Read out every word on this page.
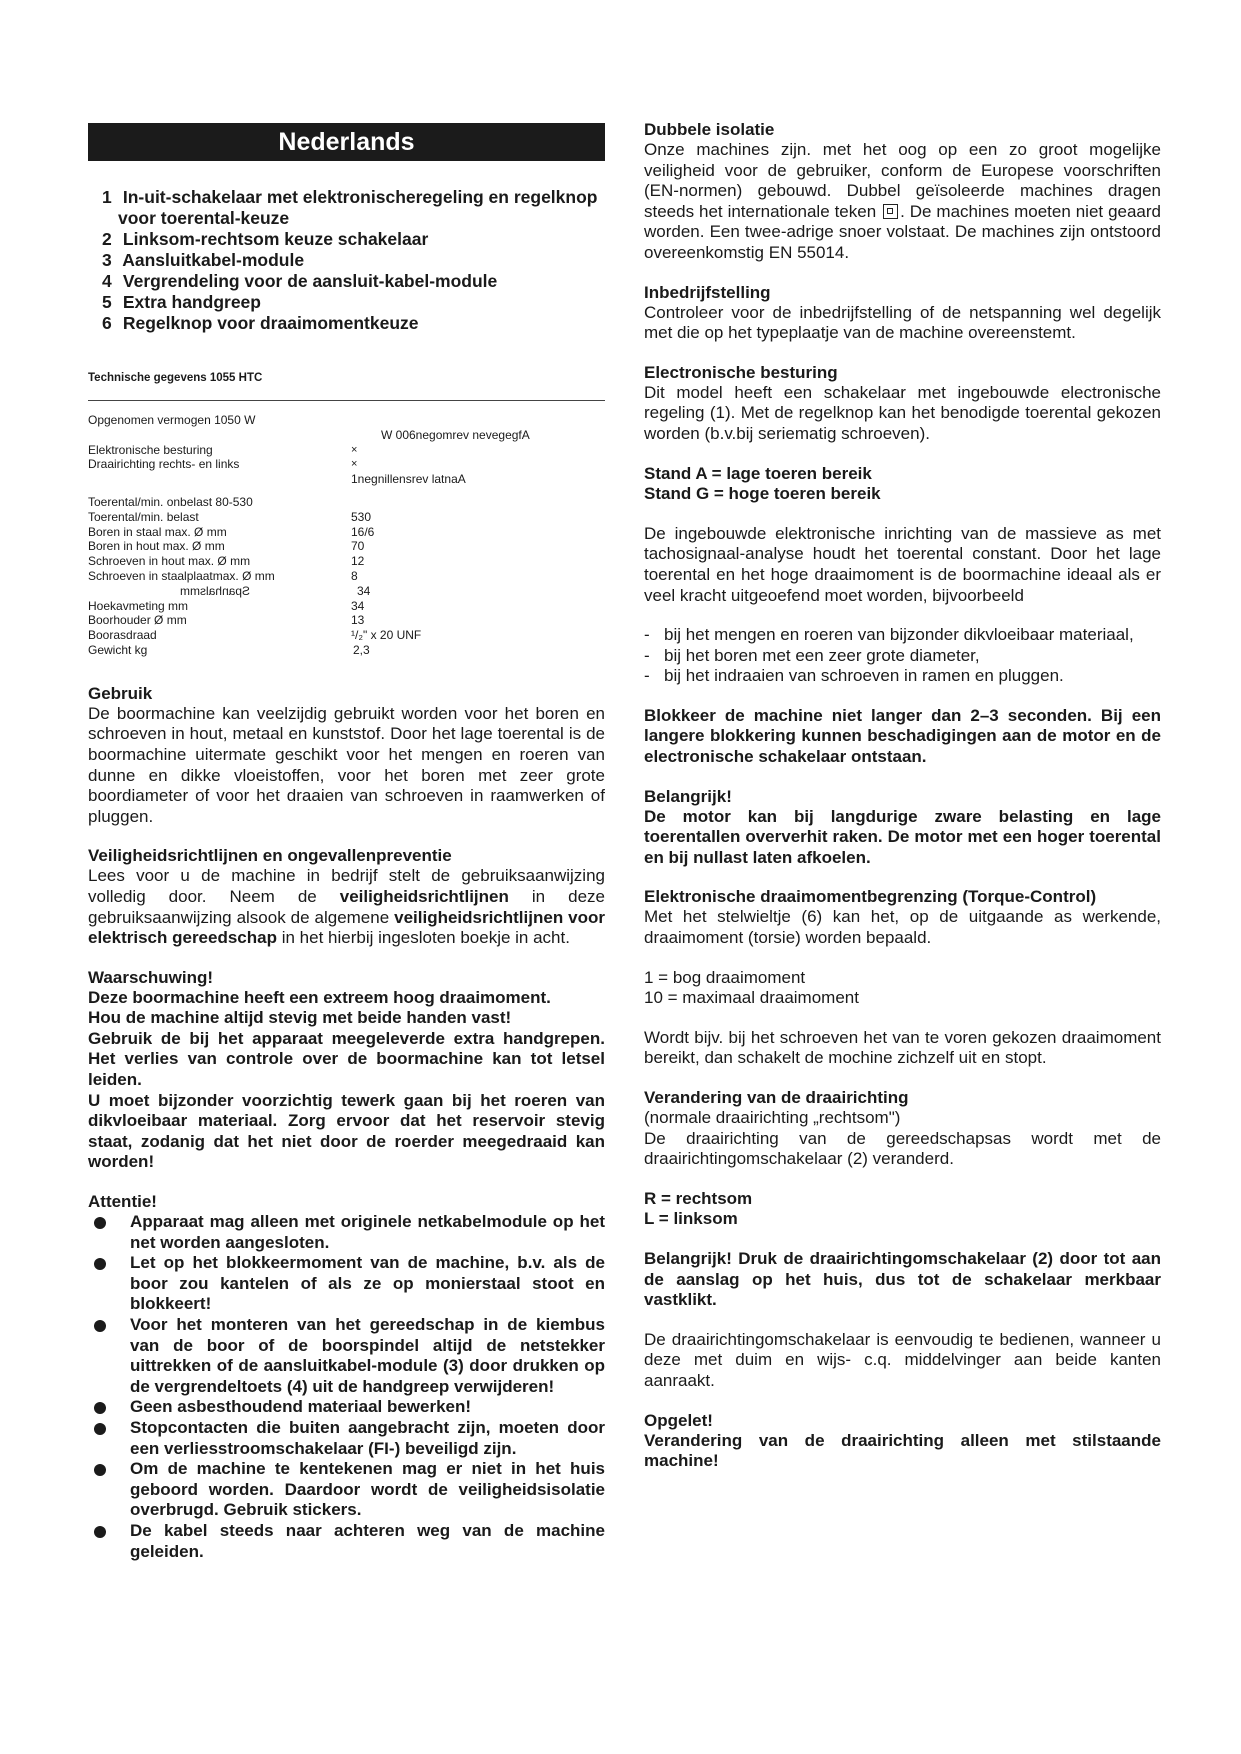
Nederlands
1 In-uit-schakelaar met elektronischeregeling en regelknop voor toerental-keuze
2 Linksom-rechtsom keuze schakelaar
3 Aansluitkabel-module
4 Vergrendeling voor de aansluit-kabel-module
5 Extra handgreep
6 Regelknop voor draaimomentkeuze
Technische gegevens 1055 HTC
Opgenomen vermogen 1050 W
W 006negomrev nevegegfA
Elektronische besturing	×
Draairichting rechts- en links	×
1negnillensrev latnaA
Toerental/min. onbelast 80-530
Toerental/min. belast	530
Boren in staal max. Ø mm	16/6
Boren in hout max. Ø mm	70
Schroeven in hout max. Ø mm	12
Schroeven in staalplaatmax. Ø mm	8
mmSpanhals	34
Hoekavmeting mm	34
Boorhouder Ø mm	13
Boorasdraad	¹/₂" x 20 UNF
Gewicht kg	2,3
Gebruik

De boormachine kan veelzijdig gebruikt worden voor het boren en schroeven in hout, metaal en kunststof. Door het lage toerental is de boormachine uitermate geschikt voor het mengen en roeren van dunne en dikke vloeistoffen, voor het boren met zeer grote boordiameter of voor het draaien van schroeven in raamwerken of pluggen.

Veiligheidsrichtlijnen en ongevallenpreventie

Lees voor u de machine in bedrijf stelt de gebruiksaanwijzing volledig door. Neem de veiligheidsrichtlijnen in deze gebruiksaanwijzing alsook de algemene veiligheidsrichtlijnen voor elektrisch gereedschap in het hierbij ingesloten boekje in acht.

Waarschuwing!

Deze boormachine heeft een extreem hoog draaimoment.

Hou de machine altijd stevig met beide handen vast!

Gebruik de bij het apparaat meegeleverde extra handgrepen. Het verlies van controle over de boormachine kan tot letsel leiden.

U moet bijzonder voorzichtig tewerk gaan bij het roeren van dikvloeibaar materiaal. Zorg ervoor dat het reservoir stevig staat, zodanig dat het niet door de roerder meegedraaid kan worden!

Attentie!
Apparaat mag alleen met originele netkabelmodule op het net worden aangesloten.
Let op het blokkeermoment van de machine, b.v. als de boor zou kantelen of als ze op monierstaal stoot en blokkeert!
Voor het monteren van het gereedschap in de kiembus van de boor of de boorspindel altijd de netstekker uittrekken of de aansluitkabel-module (3) door drukken op de vergrendeltoets (4) uit de handgreep verwijderen!
Geen asbesthoudend materiaal bewerken!
Stopcontacten die buiten aangebracht zijn, moeten door een verliesstroomschakelaar (FI-) beveiligd zijn.
Om de machine te kentekenen mag er niet in het huis geboord worden. Daardoor wordt de veiligheidsisolatie overbrugd. Gebruik stickers.
De kabel steeds naar achteren weg van de machine geleiden.
Dubbele isolatie

Onze machines zijn. met het oog op een zo groot mogelijke veiligheid voor de gebruiker, conform de Europese voorschriften (EN-normen) gebouwd. Dubbel geïsoleerde machines dragen steeds het internationale teken . De machines moeten niet geaard worden. Een twee-adrige snoer volstaat. De machines zijn ontstoord overeenkomstig EN 55014.

Inbedrijfstelling

Controleer voor de inbedrijfstelling of de netspanning wel degelijk met die op het typeplaatje van de machine overeenstemt.

Electronische besturing

Dit model heeft een schakelaar met ingebouwde electronische regeling (1). Met de regelknop kan het benodigde toerental gekozen worden (b.v.bij seriematig schroeven).

Stand A = lage toeren bereik

Stand G = hoge toeren bereik

De ingebouwde elektronische inrichting van de massieve as met tachosignaal-analyse houdt het toerental constant. Door het lage toerental en het hoge draaimoment is de boormachine ideaal als er veel kracht uitgeoefend moet worden, bijvoorbeeld

- bij het mengen en roeren van bijzonder dikvloeibaar materiaal,
- bij het boren met een zeer grote diameter,
- bij het indraaien van schroeven in ramen en pluggen.

Blokkeer de machine niet langer dan 2–3 seconden. Bij een langere blokkering kunnen beschadigingen aan de motor en de electronische schakelaar ontstaan.

Belangrijk!

De motor kan bij langdurige zware belasting en lage toerentallen oververhit raken. De motor met een hoger toerental en bij nullast laten afkoelen.

Elektronische draaimomentbegrenzing (Torque-Control)

Met het stelwieltje (6) kan het, op de uitgaande as werkende, draaimoment (torsie) worden bepaald.

1 = bog draaimoment

10 = maximaal draaimoment

Wordt bijv. bij het schroeven het van te voren gekozen draaimoment bereikt, dan schakelt de mochine zichzelf uit en stopt.

Verandering van de draairichting

(normale draairichting „rechtsom")

De draairichting van de gereedschapsas wordt met de draairichtingomschakelaar (2) veranderd.

R = rechtsom

L = linksom

Belangrijk! Druk de draairichtingomschakelaar (2) door tot aan de aanslag op het huis, dus tot de schakelaar merkbaar vastklikt.

De draairichtingomschakelaar is eenvoudig te bedienen, wanneer u deze met duim en wijs- c.q. middelvinger aan beide kanten aanraakt.

Opgelet!

Verandering van de draairichting alleen met stilstaande machine!
